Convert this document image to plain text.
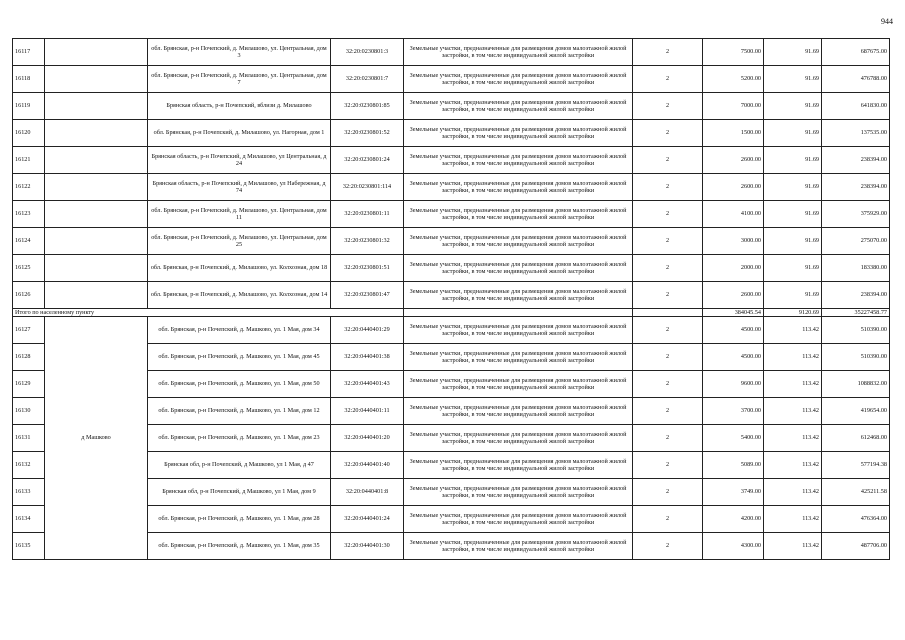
944
16117		обл. Брянская, р-н Почепский, д. Милашово, ул. Центральная, дом 3	32:20:0230801:3	Земельные участки, предназначенные для размещения домов малоэтажной жилой застройки, в том числе индивидуальной жилой застройки	2	7500.00	91.69	687675.00
16118		обл. Брянская, р-н Почепский, д. Милашово, ул. Центральная, дом 7	32:20:0230801:7	Земельные участки, предназначенные для размещения домов малоэтажной жилой застройки, в том числе индивидуальной жилой застройки	2	5200.00	91.69	476788.00
16119		Брянская область, р-н Почепский, вблизи д. Милашово	32:20:0230801:85	Земельные участки, предназначенные для размещения домов малоэтажной жилой застройки, в том числе индивидуальной жилой застройки	2	7000.00	91.69	641830.00
16120		обл. Брянская, р-н Почепский, д. Милашово, ул. Нагорная, дом 1	32:20:0230801:52	Земельные участки, предназначенные для размещения домов малоэтажной жилой застройки, в том числе индивидуальной жилой застройки	2	1500.00	91.69	137535.00
16121		Брянская область, р-н Почепский, д Милашово, ул Центральная, д 24	32:20:0230801:24	Земельные участки, предназначенные для размещения домов малоэтажной жилой застройки, в том числе индивидуальной жилой застройки	2	2600.00	91.69	238394.00
16122		Брянская область, р-н Почепский, д Милашово, ул Набережная, д 74	32:20:0230801:114	Земельные участки, предназначенные для размещения домов малоэтажной жилой застройки, в том числе индивидуальной жилой застройки	2	2600.00	91.69	238394.00
16123		обл. Брянская, р-н Почепский, д. Милашово, ул. Центральная, дом 11	32:20:0230801:11	Земельные участки, предназначенные для размещения домов малоэтажной жилой застройки, в том числе индивидуальной жилой застройки	2	4100.00	91.69	375929.00
16124		обл. Брянская, р-н Почепский, д. Милашово, ул. Центральная, дом 25	32:20:0230801:32	Земельные участки, предназначенные для размещения домов малоэтажной жилой застройки, в том числе индивидуальной жилой застройки	2	3000.00	91.69	275070.00
16125		обл. Брянская, р-н Почепский, д. Милашово, ул. Колхозная, дом 18	32:20:0230801:51	Земельные участки, предназначенные для размещения домов малоэтажной жилой застройки, в том числе индивидуальной жилой застройки	2	2000.00	91.69	183380.00
16126		обл. Брянская, р-н Почепский, д. Милашово, ул. Колхозная, дом 14	32:20:0230801:47	Земельные участки, предназначенные для размещения домов малоэтажной жилой застройки, в том числе индивидуальной жилой застройки	2	2600.00	91.69	238394.00
Итого по населенному пункту						384045.54	9120.69	35227458.77
16127	д Машково	обл. Брянская, р-н Почепский, д. Машково, ул. 1 Мая, дом 34	32:20:0440401:29	Земельные участки, предназначенные для размещения домов малоэтажной жилой застройки, в том числе индивидуальной жилой застройки	2	4500.00	113.42	510390.00
16128		обл. Брянская, р-н Почепский, д. Машково, ул. 1 Мая, дом 45	32:20:0440401:38	Земельные участки, предназначенные для размещения домов малоэтажной жилой застройки, в том числе индивидуальной жилой застройки	2	4500.00	113.42	510390.00
16129		обл. Брянская, р-н Почепский, д. Машково, ул. 1 Мая, дом 50	32:20:0440401:43	Земельные участки, предназначенные для размещения домов малоэтажной жилой застройки, в том числе индивидуальной жилой застройки	2	9600.00	113.42	1088832.00
16130		обл. Брянская, р-н Почепский, д. Машково, ул. 1 Мая, дом 12	32:20:0440401:11	Земельные участки, предназначенные для размещения домов малоэтажной жилой застройки, в том числе индивидуальной жилой застройки	2	3700.00	113.42	419654.00
16131		обл. Брянская, р-н Почепский, д. Машково, ул. 1 Мая, дом 23	32:20:0440401:20	Земельные участки, предназначенные для размещения домов малоэтажной жилой застройки, в том числе индивидуальной жилой застройки	2	5400.00	113.42	612468.00
16132		Брянская обл, р-н Почепский, д Машково, ул 1 Мая, д 47	32:20:0440401:40	Земельные участки, предназначенные для размещения домов малоэтажной жилой застройки, в том числе индивидуальной жилой застройки	2	5089.00	113.42	577194.38
16133		Брянская обл, р-н Почепский, д Машково, ул 1 Мая, дом 9	32:20:0440401:8	Земельные участки, предназначенные для размещения домов малоэтажной жилой застройки, в том числе индивидуальной жилой застройки	2	3749.00	113.42	425211.58
16134		обл. Брянская, р-н Почепский, д. Машково, ул. 1 Мая, дом 28	32:20:0440401:24	Земельные участки, предназначенные для размещения домов малоэтажной жилой застройки, в том числе индивидуальной жилой застройки	2	4200.00	113.42	476364.00
16135		обл. Брянская, р-н Почепский, д. Машково, ул. 1 Мая, дом 35	32:20:0440401:30	Земельные участки, предназначенные для размещения домов малоэтажной жилой застройки, в том числе индивидуальной жилой застройки	2	4300.00	113.42	487706.00
